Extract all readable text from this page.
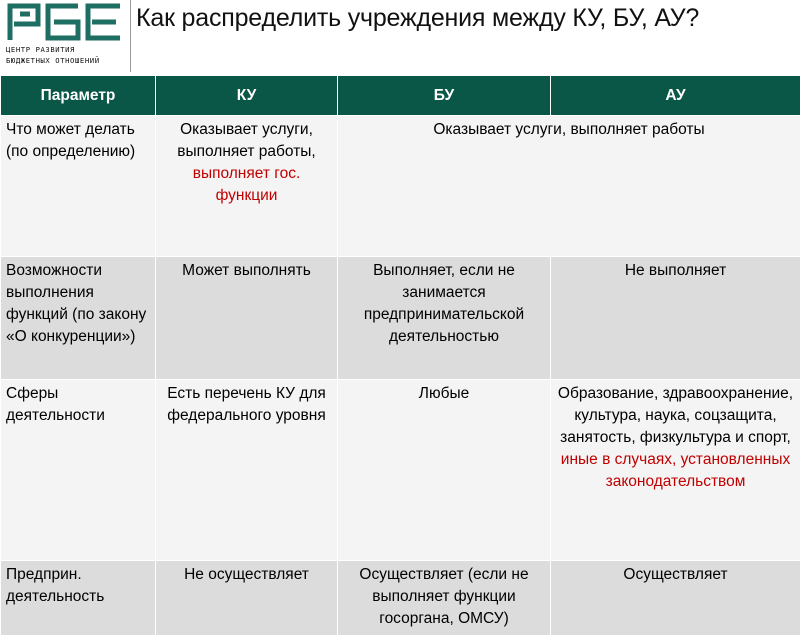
ЦЕНТР РАЗВИТИЯ
БЮДЖЕТНЫХ ОТНОШЕНИЙ
Как распределить учреждения между КУ, БУ, АУ?
Параметр	КУ	БУ	АУ
Что может делать (по определению)	Оказывает услуги, выполняет работы, выполняет гос. функции	Оказывает услуги, выполняет работы	
Возможности выполнения функций (по закону «О конкуренции»)	Может выполнять	Выполняет, если не занимается предпринимательской деятельностью	Не выполняет
Сферы деятельности	Есть перечень КУ для федерального уровня	Любые	Образование, здравоохранение, культура, наука, соцзащита, занятость, физкультура и спорт, иные в случаях, установленных законодательством
Предприн. деятельность	Не осуществляет	Осуществляет (если не выполняет функции госоргана, ОМСУ)	Осуществляет
